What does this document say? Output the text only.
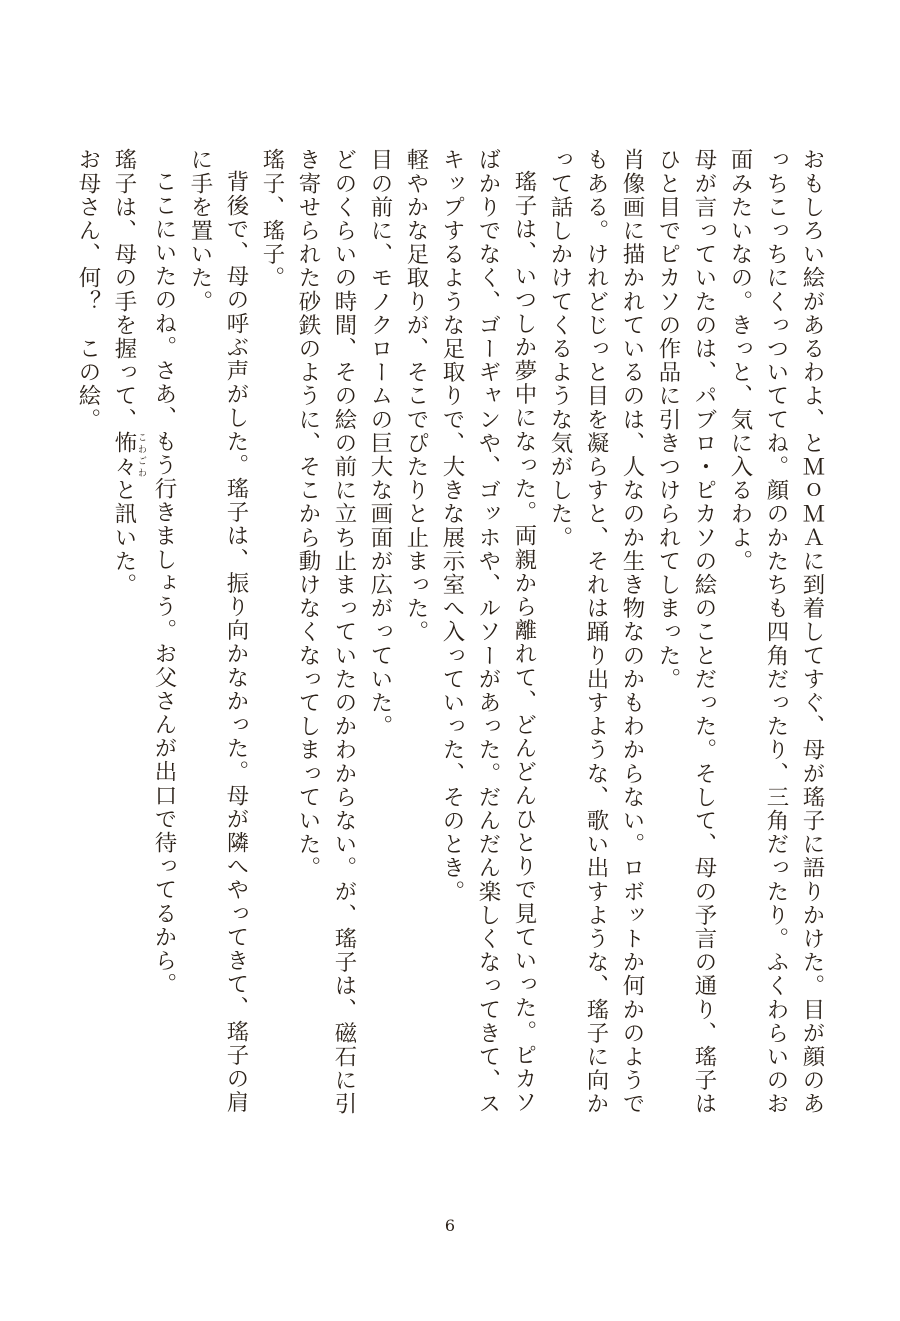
おもしろい絵があるわよ、とＭｏＭＡに到着してすぐ、母が瑤子に語りかけた。目が顔のあっちこっちにくっついててね。顔のかたちも四角だったり、三角だったり。ふくわらいのお面みたいなの。きっと、気に入るわよ。

母が言っていたのは、パブロ・ピカソの絵のことだった。そして、母の予言の通り、瑤子はひと目でピカソの作品に引きつけられてしまった。

肖像画に描かれているのは、人なのか生き物なのかもわからない。ロボットか何かのようでもある。けれどじっと目を凝らすと、それは踊り出すような、歌い出すような、瑤子に向かって話しかけてくるような気がした。

瑤子は、いつしか夢中になった。両親から離れて、どんどんひとりで見ていった。ピカソばかりでなく、ゴーギャンや、ゴッホや、ルソーがあった。だんだん楽しくなってきて、スキップするような足取りで、大きな展示室へ入っていった、そのとき。

軽やかな足取りが、そこでぴたりと止まった。

目の前に、モノクロームの巨大な画面が広がっていた。

どのくらいの時間、その絵の前に立ち止まっていたのかわからない。が、瑤子は、磁石に引き寄せられた砂鉄のように、そこから動けなくなってしまっていた。

瑤子、瑤子。

背後で、母の呼ぶ声がした。瑤子は、振り向かなかった。母が隣へやってきて、瑤子の肩に手を置いた。

ここにいたのね。さあ、もう行きましょう。お父さんが出口で待ってるから。

瑤子は、母の手を握って、怖々 こわごわと訊いた。

お母さん、何？　この絵。

6
